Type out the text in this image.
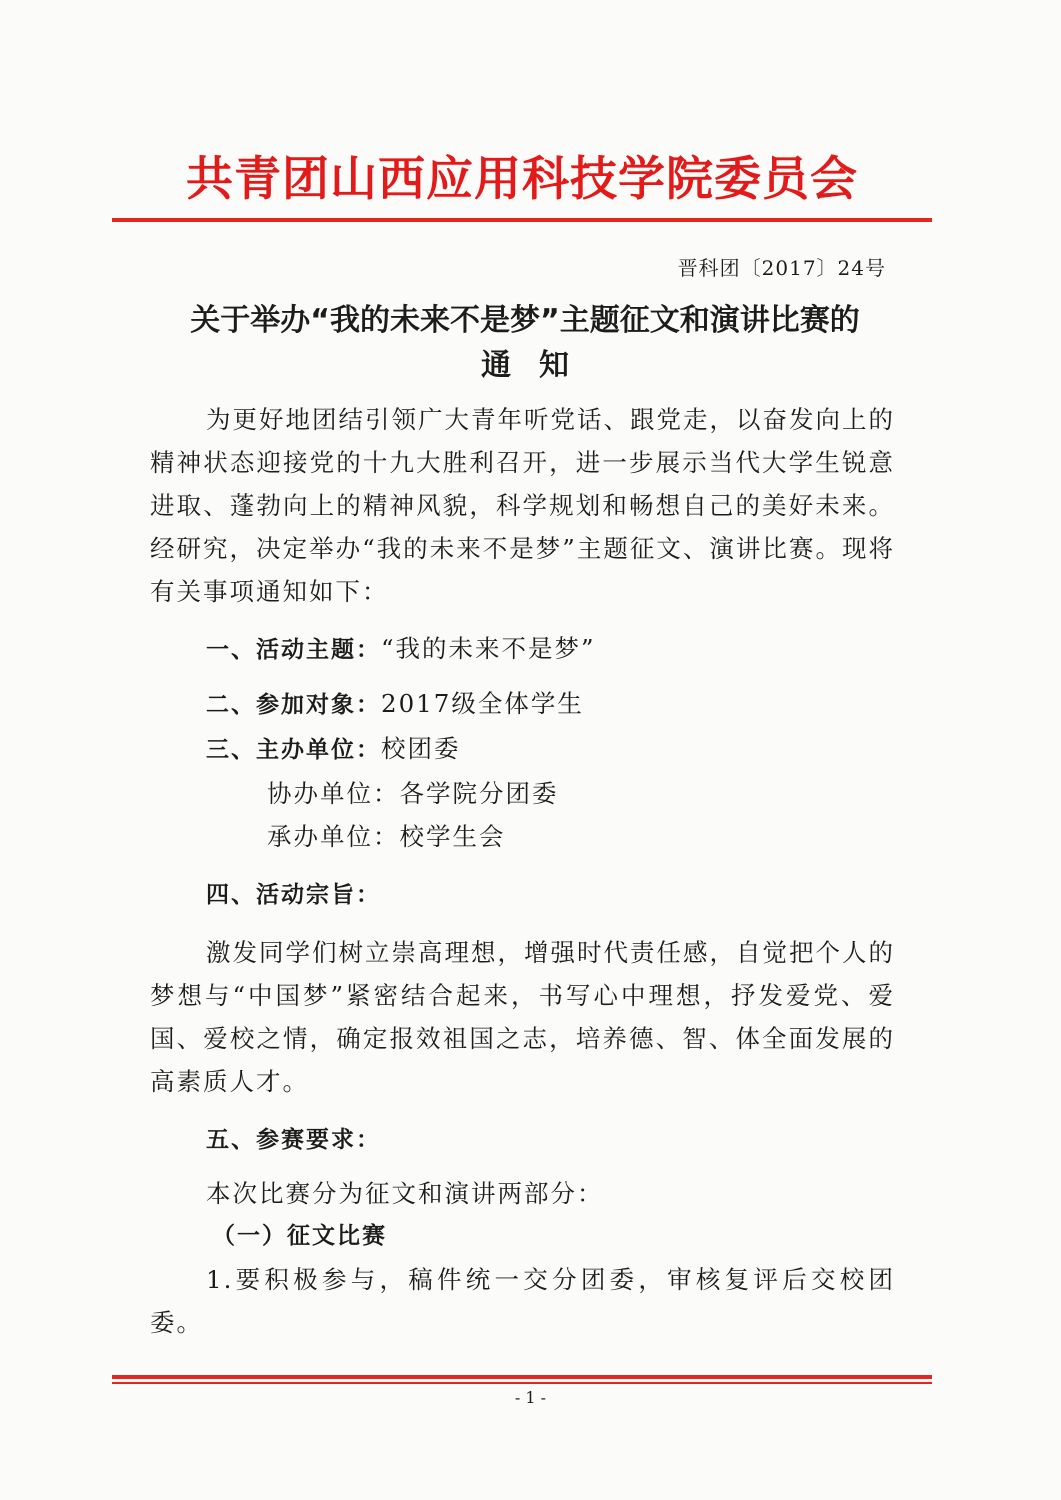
共青团山西应用科技学院委员会
晋科团〔2017〕24号
关于举办“我的未来不是梦”主题征文和演讲比赛的
通知

为更好地团结引领广大青年听党话、跟党走，以奋发向上的精神状态迎接党的十九大胜利召开，进一步展示当代大学生锐意进取、蓬勃向上的精神风貌，科学规划和畅想自己的美好未来。经研究，决定举办“我的未来不是梦”主题征文、演讲比赛。现将有关事项通知如下：

一、活动主题：“我的未来不是梦”

二、参加对象：2017级全体学生

三、主办单位：校团委

协办单位：各学院分团委

承办单位：校学生会

四、活动宗旨：

激发同学们树立崇高理想，增强时代责任感，自觉把个人的梦想与“中国梦”紧密结合起来，书写心中理想，抒发爱党、爱国、爱校之情，确定报效祖国之志，培养德、智、体全面发展的高素质人才。

五、参赛要求：

本次比赛分为征文和演讲两部分：

（一）征文比赛

1.要积极参与，稿件统一交分团委，审核复评后交校团委。

- 1 -
